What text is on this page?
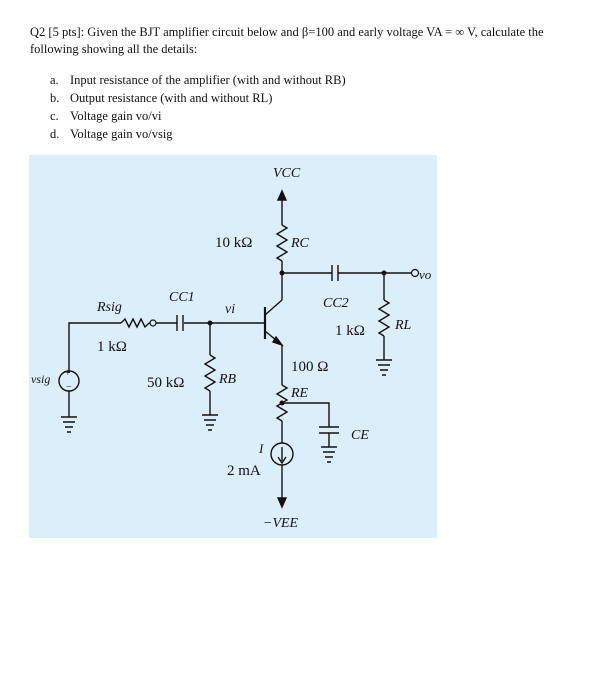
Q2 [5 pts]: Given the BJT amplifier circuit below and β=100 and early voltage VA = ∞ V, calculate the following showing all the details:
a. Input resistance of the amplifier (with and without RB)
b. Output resistance (with and without RL)
c. Voltage gain vo/vi
d. Voltage gain vo/vsig
VCC
10 kΩ	RC
CC1	CC2
Rsig
1 kΩ
vi
vo
RL
1 kΩ
vsig +
−	50 kΩ RB
100 Ω
RE
CE
I
2 mA
−VEE
